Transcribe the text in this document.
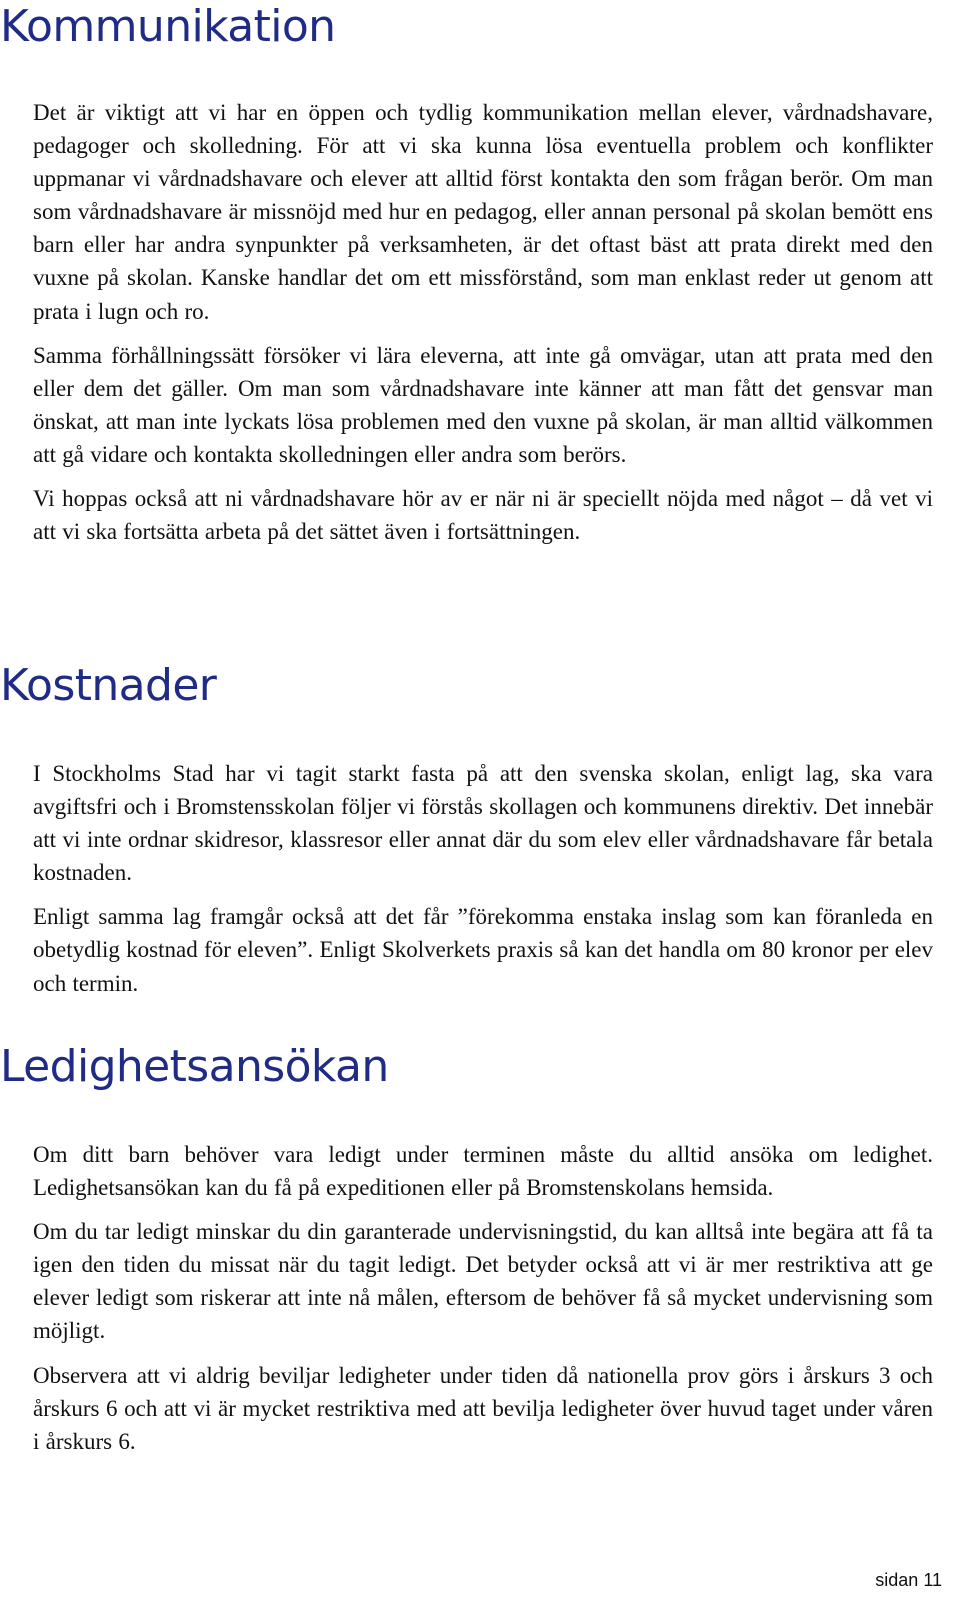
Kommunikation

Det är viktigt att vi har en öppen och tydlig kommunikation mellan elever, vårdnadshavare, pedagoger och skolledning. För att vi ska kunna lösa eventuella problem och konflikter uppmanar vi vårdnadshavare och elever att alltid först kontakta den som frågan berör. Om man som vårdnadshavare är missnöjd med hur en pedagog, eller annan personal på skolan bemött ens barn eller har andra synpunkter på verksamheten, är det oftast bäst att prata direkt med den vuxne på skolan. Kanske handlar det om ett missförstånd, som man enklast reder ut genom att prata i lugn och ro.

Samma förhållningssätt försöker vi lära eleverna, att inte gå omvägar, utan att prata med den eller dem det gäller. Om man som vårdnadshavare inte känner att man fått det gensvar man önskat, att man inte lyckats lösa problemen med den vuxne på skolan, är man alltid välkommen att gå vidare och kontakta skolledningen eller andra som berörs.

Vi hoppas också att ni vårdnadshavare hör av er när ni är speciellt nöjda med något – då vet vi att vi ska fortsätta arbeta på det sättet även i fortsättningen.

Kostnader

I Stockholms Stad har vi tagit starkt fasta på att den svenska skolan, enligt lag, ska vara avgiftsfri och i Bromstensskolan följer vi förstås skollagen och kommunens direktiv. Det innebär att vi inte ordnar skidresor, klassresor eller annat där du som elev eller vårdnadshavare får betala kostnaden.

Enligt samma lag framgår också att det får ”förekomma enstaka inslag som kan föranleda en obetydlig kostnad för eleven”. Enligt Skolverkets praxis så kan det handla om 80 kronor per elev och termin.

Ledighetsansökan

Om ditt barn behöver vara ledigt under terminen måste du alltid ansöka om ledighet. Ledighetsansökan kan du få på expeditionen eller på Bromstenskolans hemsida.

Om du tar ledigt minskar du din garanterade undervisningstid, du kan alltså inte begära att få ta igen den tiden du missat när du tagit ledigt. Det betyder också att vi är mer restriktiva att ge elever ledigt som riskerar att inte nå målen, eftersom de behöver få så mycket undervisning som möjligt.

Observera att vi aldrig beviljar ledigheter under tiden då nationella prov görs i årskurs 3 och årskurs 6 och att vi är mycket restriktiva med att bevilja ledigheter över huvud taget under våren i årskurs 6.

sidan 11
